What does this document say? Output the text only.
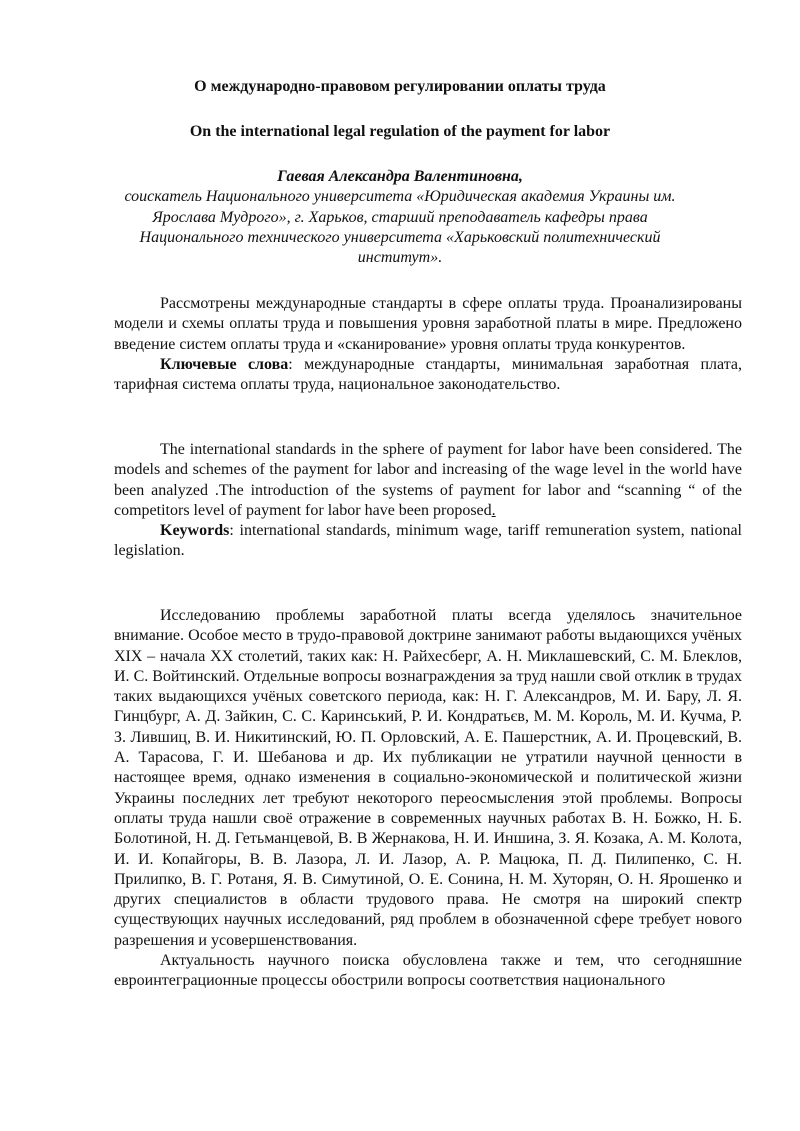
О международно-правовом регулировании оплаты труда
On the international legal regulation of the payment for labor
Гаевая Александра Валентиновна,
соискатель Национального университета «Юридическая академия Украины им. Ярослава Мудрого», г. Харьков, старший преподаватель кафедры права Национального технического университета «Харьковский политехнический институт».

Рассмотрены международные стандарты в сфере оплаты труда. Проанализированы модели и схемы оплаты труда и повышения уровня заработной платы в мире. Предложено введение систем оплаты труда и «сканирование» уровня оплаты труда конкурентов.

Ключевые слова: международные стандарты, минимальная заработная плата, тарифная система оплаты труда, национальное законодательство.

The international standards in the sphere of payment for labor have been considered. The models and schemes of the payment for labor and increasing of the wage level in the world have been analyzed .The introduction of the systems of payment for labor and “scanning “ of the competitors level of payment for labor have been proposed.

Keywords: international standards, minimum wage, tariff remuneration system, national legislation.

Исследованию проблемы заработной платы всегда уделялось значительное внимание. Особое место в трудо-правовой доктрине занимают работы выдающихся учёных XIX – начала XX столетий, таких как: Н. Райхесберг, А. Н. Миклашевский, С. М. Блеклов, И. С. Войтинский. Отдельные вопросы вознаграждения за труд нашли свой отклик в трудах таких выдающихся учёных советского периода, как: Н. Г. Александров, М. И. Бару, Л. Я. Гинцбург, А. Д. Зайкин, С. С. Каринський, Р. И. Кондратьєв, М. М. Король, М. И. Кучма, Р. З. Лившиц, В. И. Никитинский, Ю. П. Орловский, А. Е. Пашерстник, А. И. Процевский, В. А. Тарасова, Г. И. Шебанова и др. Их публикации не утратили научной ценности в настоящее время, однако изменения в социально-экономической и политической жизни Украины последних лет требуют некоторого переосмысления этой проблемы. Вопросы оплаты труда нашли своё отражение в современных научных работах В. Н. Божко, Н. Б. Болотиной, Н. Д. Гетьманцевой, В. В Жернакова, Н. И. Иншина, З. Я. Козака, А. М. Колота, И. И. Копайгоры, В. В. Лазора, Л. И. Лазор, А. Р. Мацюка, П. Д. Пилипенко, С. Н. Прилипко, В. Г. Ротаня, Я. В. Симутиной, О. Е. Сонина, Н. М. Хуторян, О. Н. Ярошенко и других специалистов в области трудового права. Не смотря на широкий спектр существующих научных исследований, ряд проблем в обозначенной сфере требует нового разрешения и усовершенствования.

Актуальность научного поиска обусловлена также и тем, что сегодняшние евроинтеграционные процессы обострили вопросы соответствия национального
